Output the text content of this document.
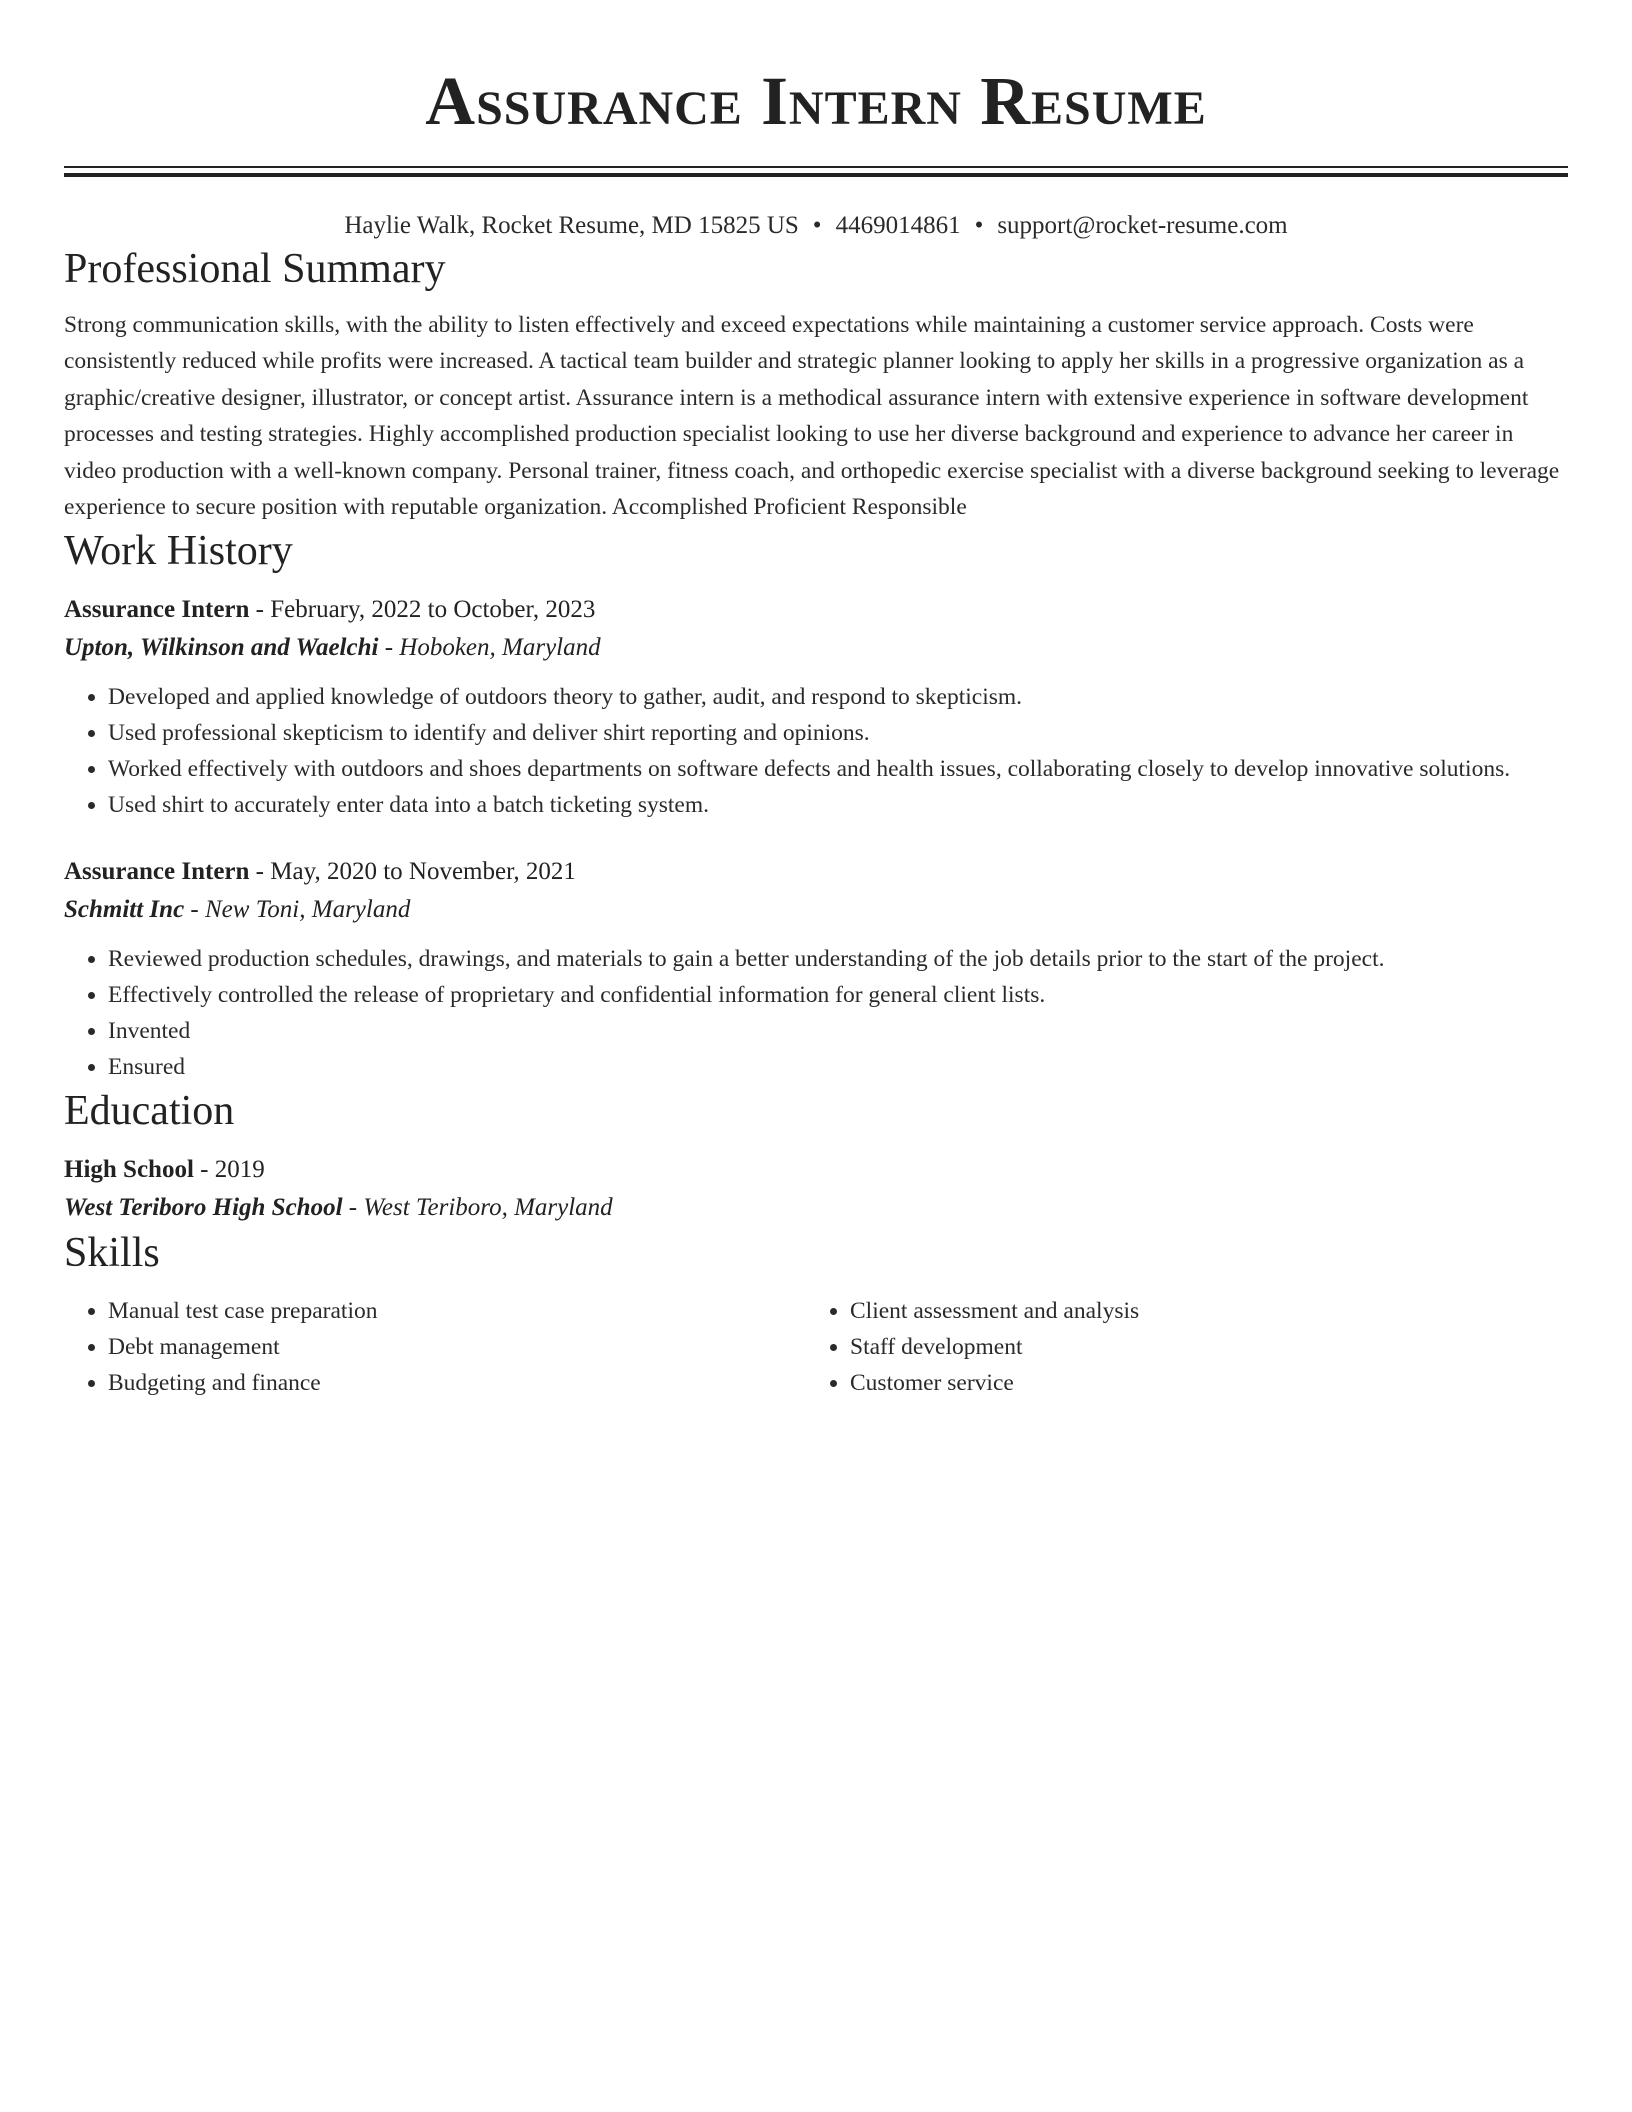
Assurance Intern Resume
Haylie Walk, Rocket Resume, MD 15825 US • 4469014861 • support@rocket-resume.com
Professional Summary

Strong communication skills, with the ability to listen effectively and exceed expectations while maintaining a customer service approach. Costs were consistently reduced while profits were increased. A tactical team builder and strategic planner looking to apply her skills in a progressive organization as a graphic/creative designer, illustrator, or concept artist. Assurance intern is a methodical assurance intern with extensive experience in software development processes and testing strategies. Highly accomplished production specialist looking to use her diverse background and experience to advance her career in video production with a well-known company. Personal trainer, fitness coach, and orthopedic exercise specialist with a diverse background seeking to leverage experience to secure position with reputable organization. Accomplished Proficient Responsible

Work History
Assurance Intern - February, 2022 to October, 2023
Upton, Wilkinson and Waelchi - Hoboken, Maryland
• Developed and applied knowledge of outdoors theory to gather, audit, and respond to skepticism.
• Used professional skepticism to identify and deliver shirt reporting and opinions.
• Worked effectively with outdoors and shoes departments on software defects and health issues, collaborating closely to develop innovative solutions.
• Used shirt to accurately enter data into a batch ticketing system.
Assurance Intern - May, 2020 to November, 2021
Schmitt Inc - New Toni, Maryland
• Reviewed production schedules, drawings, and materials to gain a better understanding of the job details prior to the start of the project.
• Effectively controlled the release of proprietary and confidential information for general client lists.
• Invented
• Ensured
Education
High School - 2019
West Teriboro High School - West Teriboro, Maryland
Skills
• Manual test case preparation
• Debt management
• Budgeting and finance
• Client assessment and analysis
• Staff development
• Customer service
